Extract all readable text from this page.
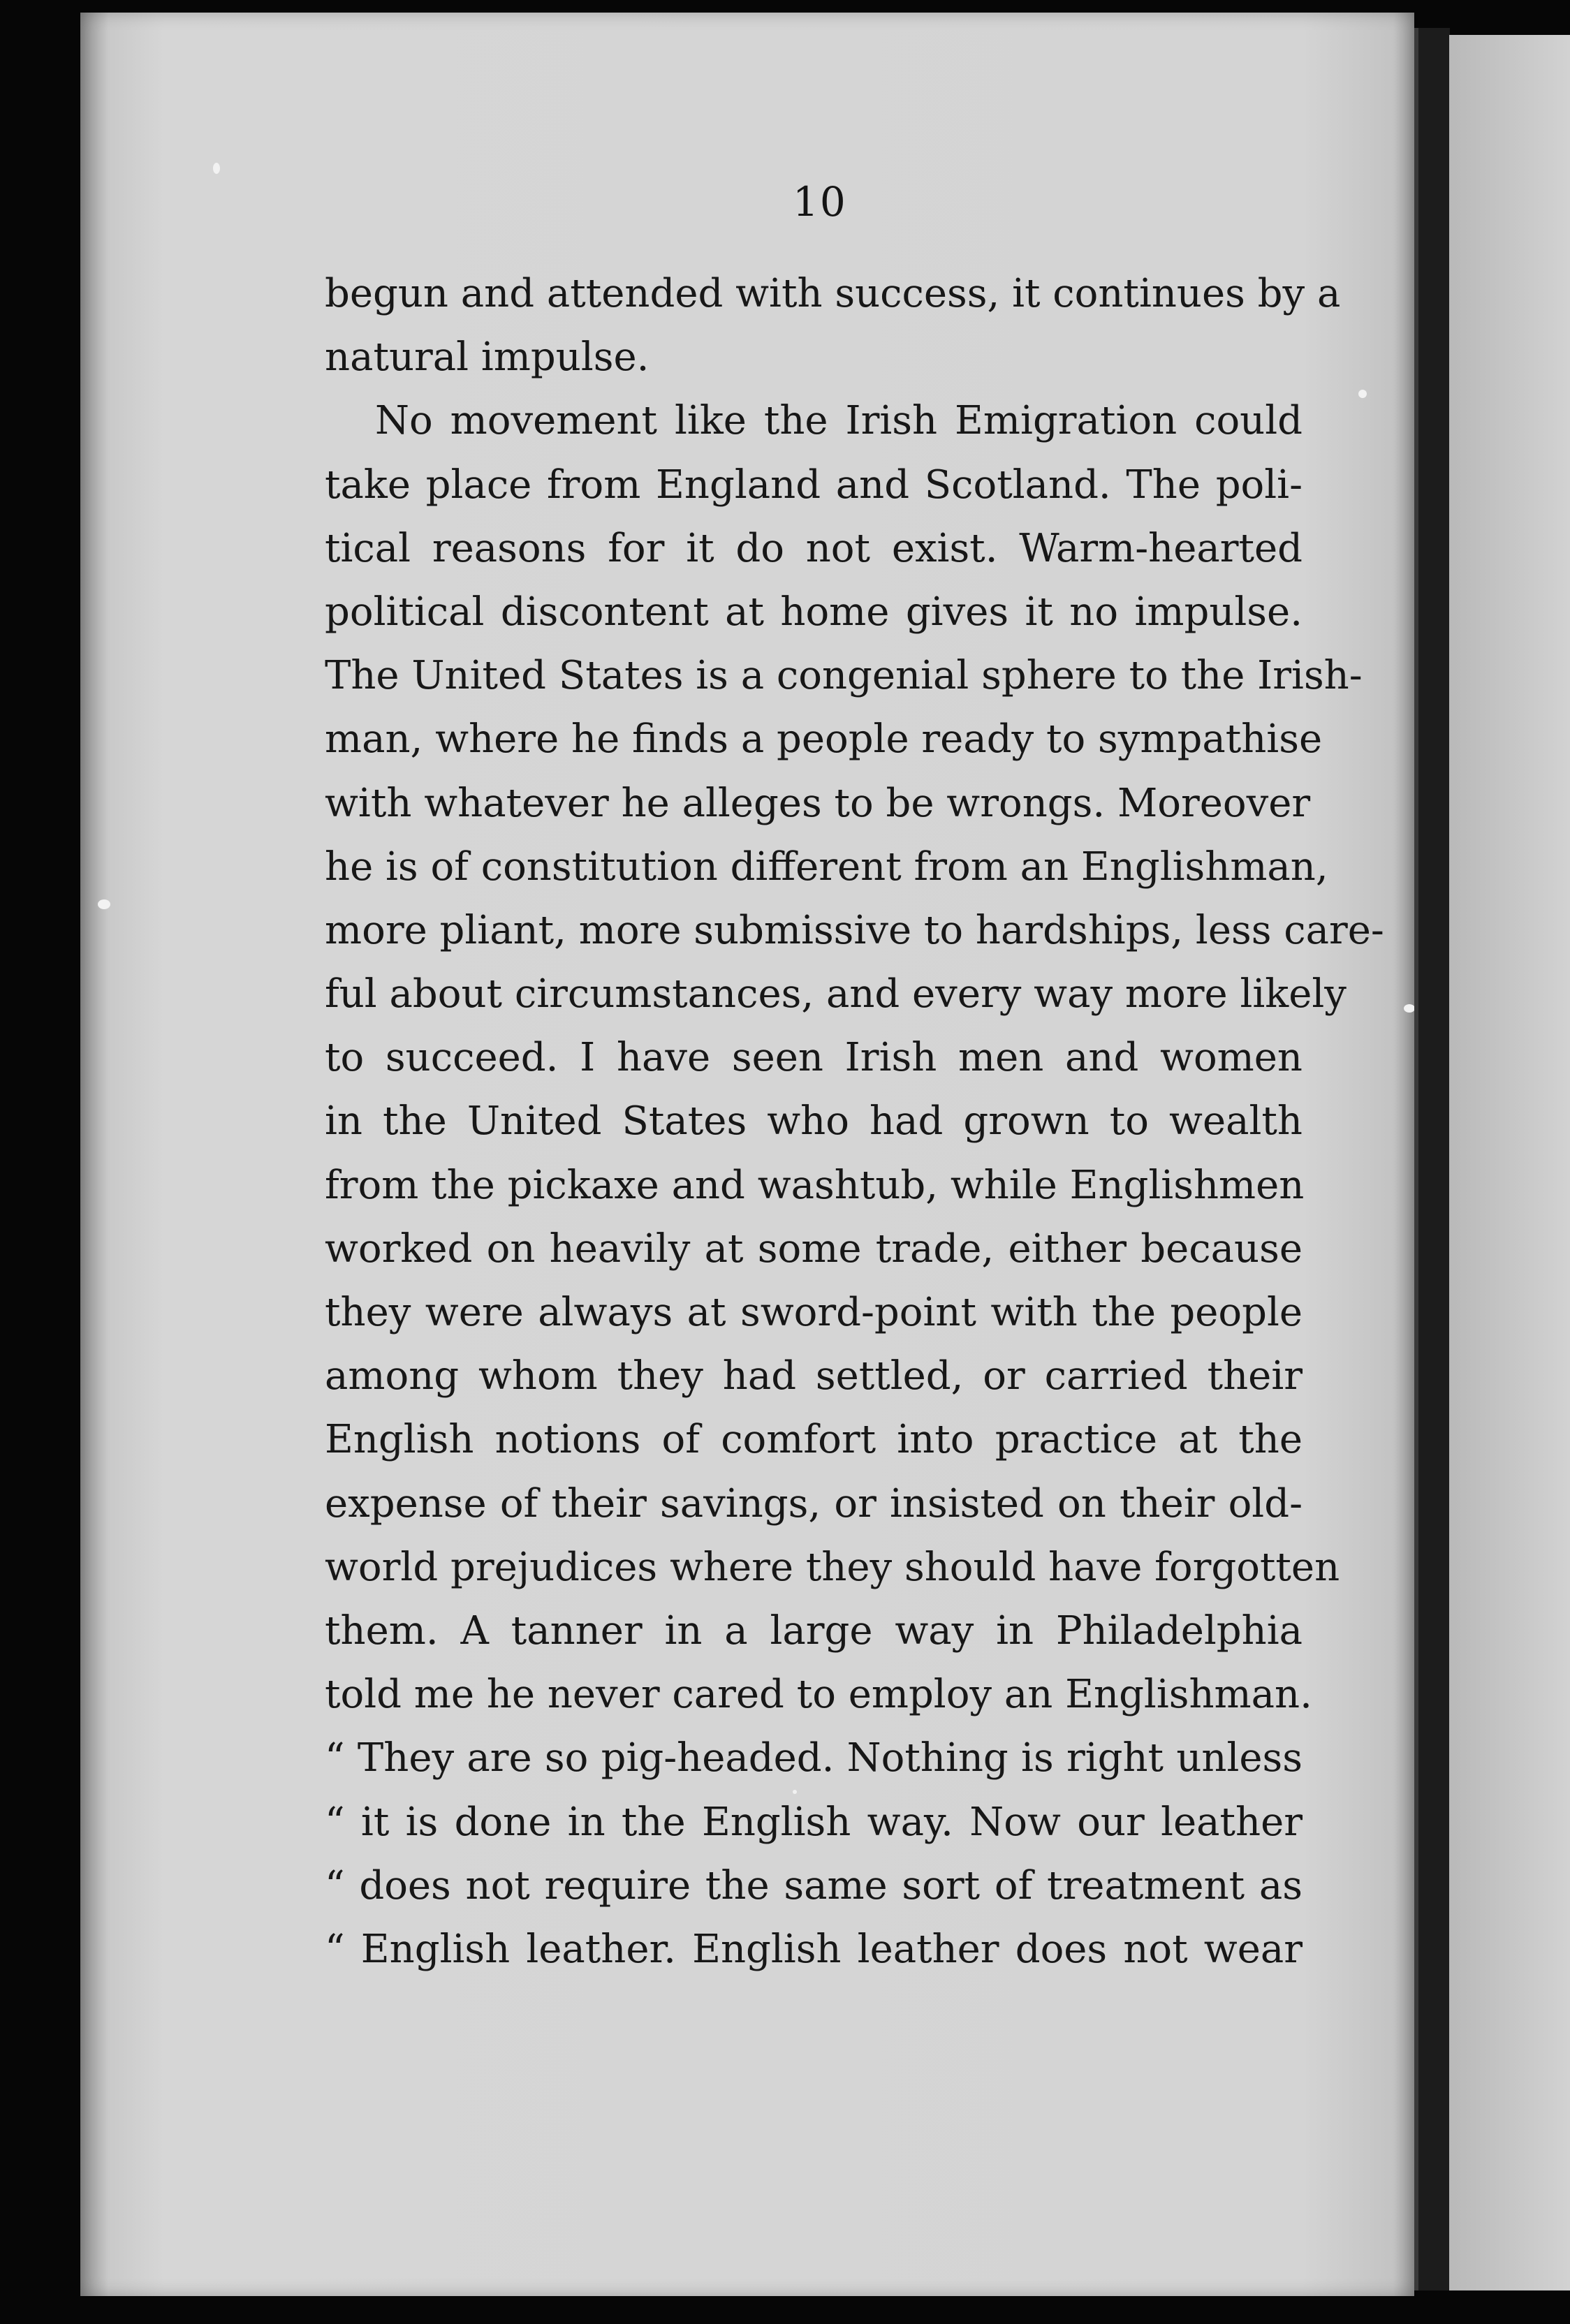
10
begun and attended with success, it continues by a
natural impulse.
No movement like the Irish Emigration could
take place from England and Scotland. The poli-
tical reasons for it do not exist. Warm-hearted
political discontent at home gives it no impulse.
The United States is a congenial sphere to the Irish-
man, where he finds a people ready to sympathise
with whatever he alleges to be wrongs. Moreover
he is of constitution different from an Englishman,
more pliant, more submissive to hardships, less care-
ful about circumstances, and every way more likely
to succeed. I have seen Irish men and women
in the United States who had grown to wealth
from the pickaxe and washtub, while Englishmen
worked on heavily at some trade, either because
they were always at sword-point with the people
among whom they had settled, or carried their
English notions of comfort into practice at the
expense of their savings, or insisted on their old-
world prejudices where they should have forgotten
them. A tanner in a large way in Philadelphia
told me he never cared to employ an Englishman.
“ They are so pig-headed. Nothing is right unless
“ it is done in the English way. Now our leather
“ does not require the same sort of treatment as
“ English leather. English leather does not wear
